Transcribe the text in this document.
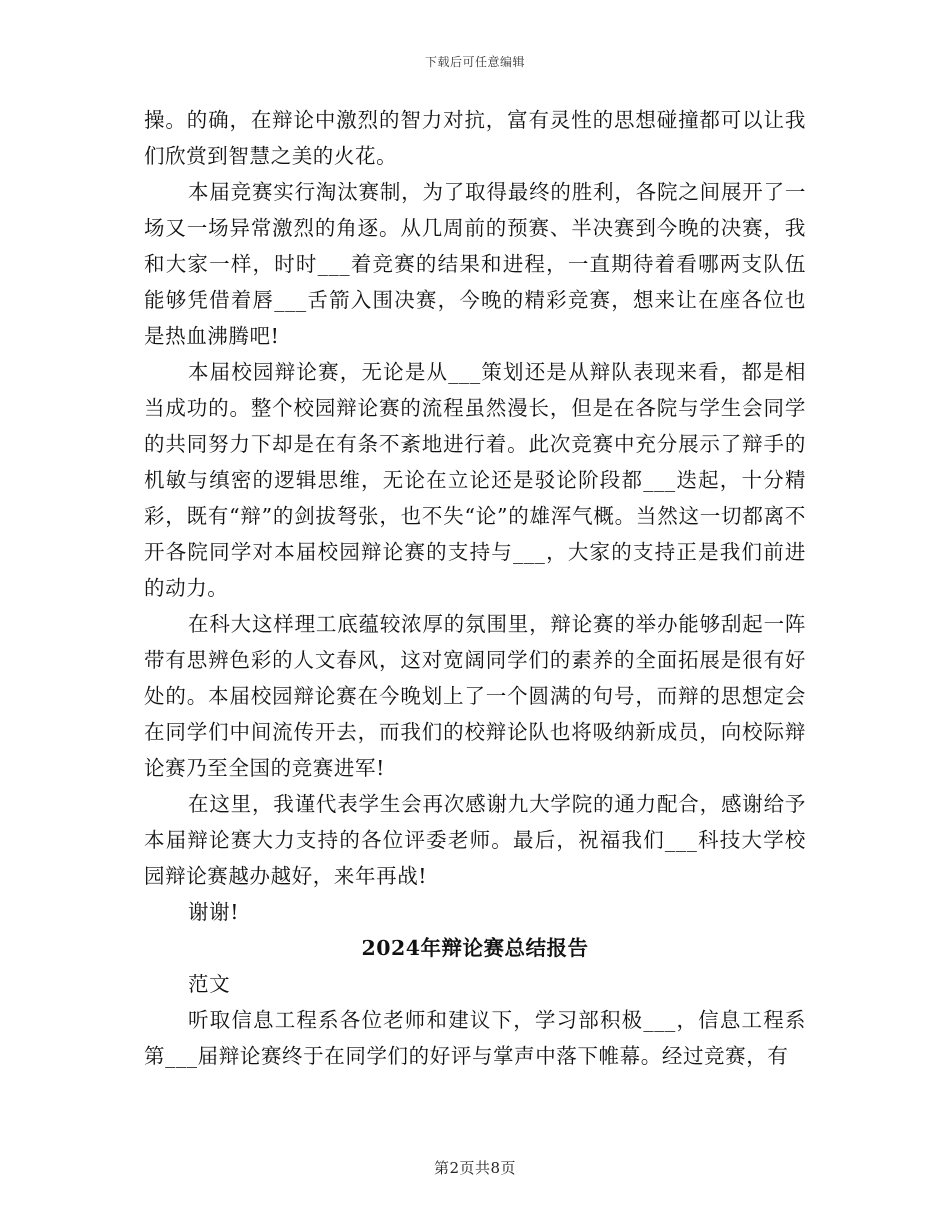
下载后可任意编辑

操。的确，在辩论中激烈的智力对抗，富有灵性的思想碰撞都可以让我们欣赏到智慧之美的火花。

本届竞赛实行淘汰赛制，为了取得最终的胜利，各院之间展开了一场又一场异常激烈的角逐。从几周前的预赛、半决赛到今晚的决赛，我和大家一样，时时___着竞赛的结果和进程，一直期待着看哪两支队伍能够凭借着唇___舌箭入围决赛，今晚的精彩竞赛，想来让在座各位也是热血沸腾吧!

本届校园辩论赛，无论是从___策划还是从辩队表现来看，都是相当成功的。整个校园辩论赛的流程虽然漫长，但是在各院与学生会同学的共同努力下却是在有条不紊地进行着。此次竞赛中充分展示了辩手的机敏与缜密的逻辑思维，无论在立论还是驳论阶段都___迭起，十分精彩，既有“辩”的剑拔弩张，也不失“论”的雄浑气概。当然这一切都离不开各院同学对本届校园辩论赛的支持与___，大家的支持正是我们前进的动力。

在科大这样理工底蕴较浓厚的氛围里，辩论赛的举办能够刮起一阵带有思辨色彩的人文春风，这对宽阔同学们的素养的全面拓展是很有好处的。本届校园辩论赛在今晚划上了一个圆满的句号，而辩的思想定会在同学们中间流传开去，而我们的校辩论队也将吸纳新成员，向校际辩论赛乃至全国的竞赛进军!

在这里，我谨代表学生会再次感谢九大学院的通力配合，感谢给予本届辩论赛大力支持的各位评委老师。最后，祝福我们___科技大学校园辩论赛越办越好，来年再战!

谢谢!

2024年辩论赛总结报告

范文

听取信息工程系各位老师和建议下，学习部积极___，信息工程系第___届辩论赛终于在同学们的好评与掌声中落下帷幕。经过竞赛，有

第2页共8页
